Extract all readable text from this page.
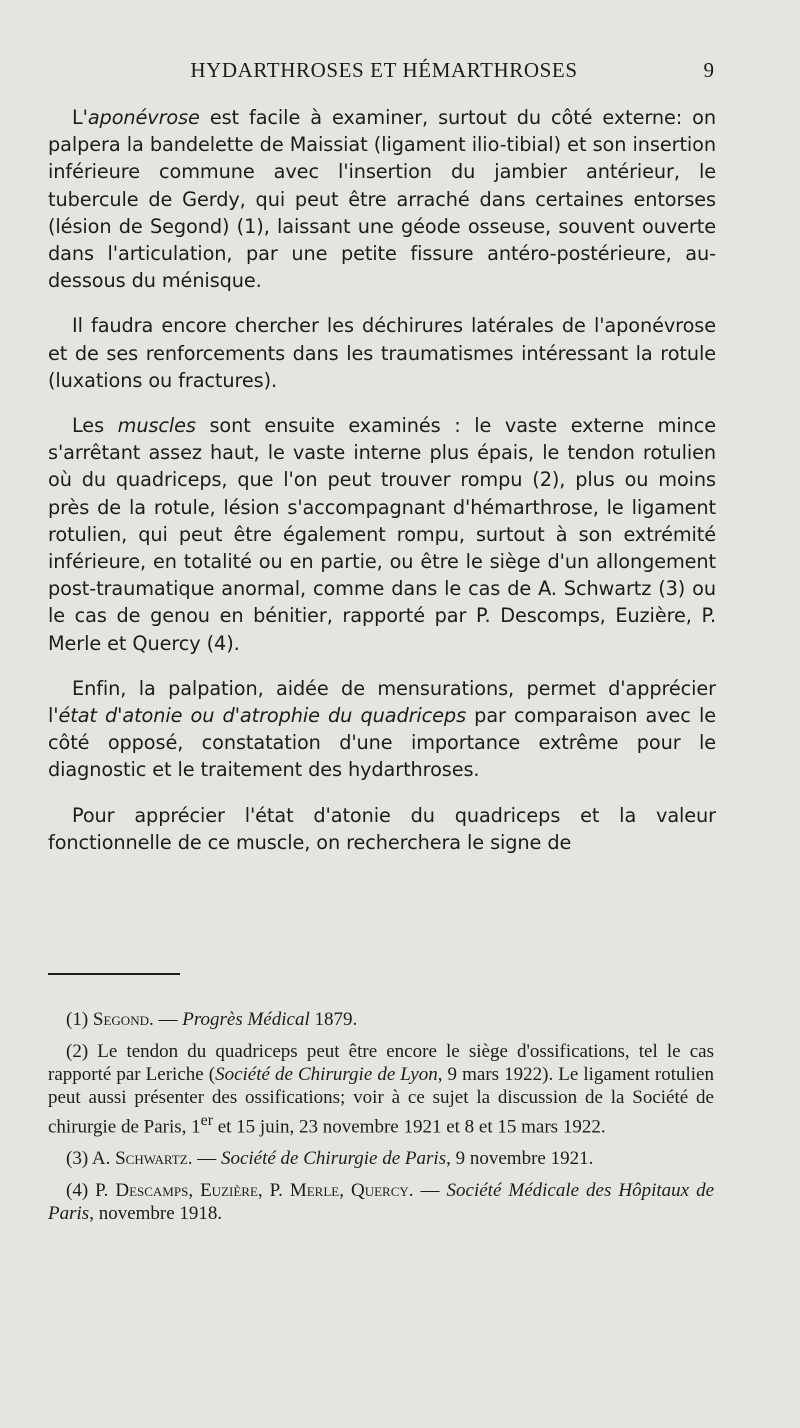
HYDARTHROSES ET HÉMARTHROSES	9

L'aponévrose est facile à examiner, surtout du côté externe: on palpera la bandelette de Maissiat (ligament ilio-tibial) et son insertion inférieure commune avec l'insertion du jambier antérieur, le tubercule de Gerdy, qui peut être arraché dans certaines entorses (lésion de Segond) (1), laissant une géode osseuse, souvent ouverte dans l'articulation, par une petite fissure antéro-postérieure, au-dessous du ménisque.

Il faudra encore chercher les déchirures latérales de l'aponévrose et de ses renforcements dans les traumatismes intéressant la rotule (luxations ou fractures).

Les muscles sont ensuite examinés : le vaste externe mince s'arrêtant assez haut, le vaste interne plus épais, le tendon rotulien où du quadriceps, que l'on peut trouver rompu (2), plus ou moins près de la rotule, lésion s'accompagnant d'hémarthrose, le ligament rotulien, qui peut être également rompu, surtout à son extrémité inférieure, en totalité ou en partie, ou être le siège d'un allongement post-traumatique anormal, comme dans le cas de A. Schwartz (3) ou le cas de genou en bénitier, rapporté par P. Descomps, Euzière, P. Merle et Quercy (4).

Enfin, la palpation, aidée de mensurations, permet d'apprécier l'état d'atonie ou d'atrophie du quadriceps par comparaison avec le côté opposé, constatation d'une importance extrême pour le diagnostic et le traitement des hydarthroses.

Pour apprécier l'état d'atonie du quadriceps et la valeur fonctionnelle de ce muscle, on recherchera le signe de

(1) Segond. — Progrès Médical 1879.

(2) Le tendon du quadriceps peut être encore le siège d'ossifications, tel le cas rapporté par Leriche (Société de Chirurgie de Lyon, 9 mars 1922). Le ligament rotulien peut aussi présenter des ossifications; voir à ce sujet la discussion de la Société de chirurgie de Paris, 1er et 15 juin, 23 novembre 1921 et 8 et 15 mars 1922.

(3) A. Schwartz. — Société de Chirurgie de Paris, 9 novembre 1921.

(4) P. Descamps, Euzière, P. Merle, Quercy. — Société Médicale des Hôpitaux de Paris, novembre 1918.
